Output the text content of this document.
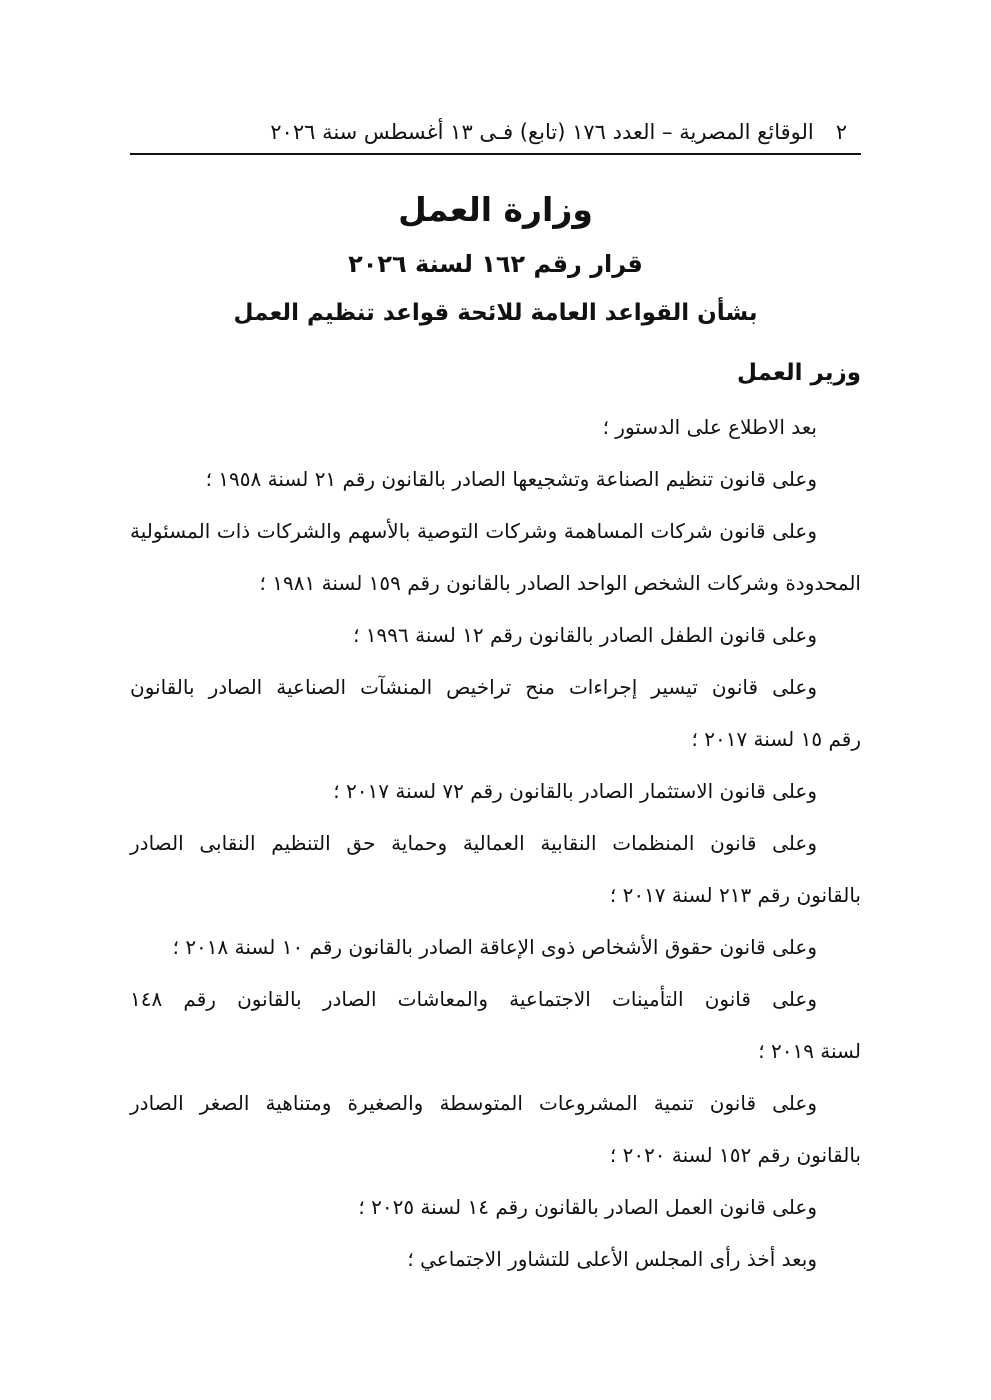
٢
الوقائع المصرية – العدد ١٧٦ (تابع) فـى ١٣ أغسطس سنة ٢٠٢٦
وزارة العمل
قرار رقم ١٦٢ لسنة ٢٠٢٦
بشأن القواعد العامة للائحة قواعد تنظيم العمل
وزير العمل
بعد الاطلاع على الدستور ؛
وعلى قانون تنظيم الصناعة وتشجيعها الصادر بالقانون رقم ٢١ لسنة ١٩٥٨ ؛
وعلى قانون شركات المساهمة وشركات التوصية بالأسهم والشركات ذات المسئولية
المحدودة وشركات الشخص الواحد الصادر بالقانون رقم ١٥٩ لسنة ١٩٨١ ؛
وعلى قانون الطفل الصادر بالقانون رقم ١٢ لسنة ١٩٩٦ ؛
وعلى قانون تيسير إجراءات منح تراخيص المنشآت الصناعية الصادر بالقانون
رقم ١٥ لسنة ٢٠١٧ ؛
وعلى قانون الاستثمار الصادر بالقانون رقم ٧٢ لسنة ٢٠١٧ ؛
وعلى قانون المنظمات النقابية العمالية وحماية حق التنظيم النقابى الصادر
بالقانون رقم ٢١٣ لسنة ٢٠١٧ ؛
وعلى قانون حقوق الأشخاص ذوى الإعاقة الصادر بالقانون رقم ١٠ لسنة ٢٠١٨ ؛
وعلى قانون التأمينات الاجتماعية والمعاشات الصادر بالقانون رقم ١٤٨
لسنة ٢٠١٩ ؛
وعلى قانون تنمية المشروعات المتوسطة والصغيرة ومتناهية الصغر الصادر
بالقانون رقم ١٥٢ لسنة ٢٠٢٠ ؛
وعلى قانون العمل الصادر بالقانون رقم ١٤ لسنة ٢٠٢٥ ؛
وبعد أخذ رأى المجلس الأعلى للتشاور الاجتماعي ؛
